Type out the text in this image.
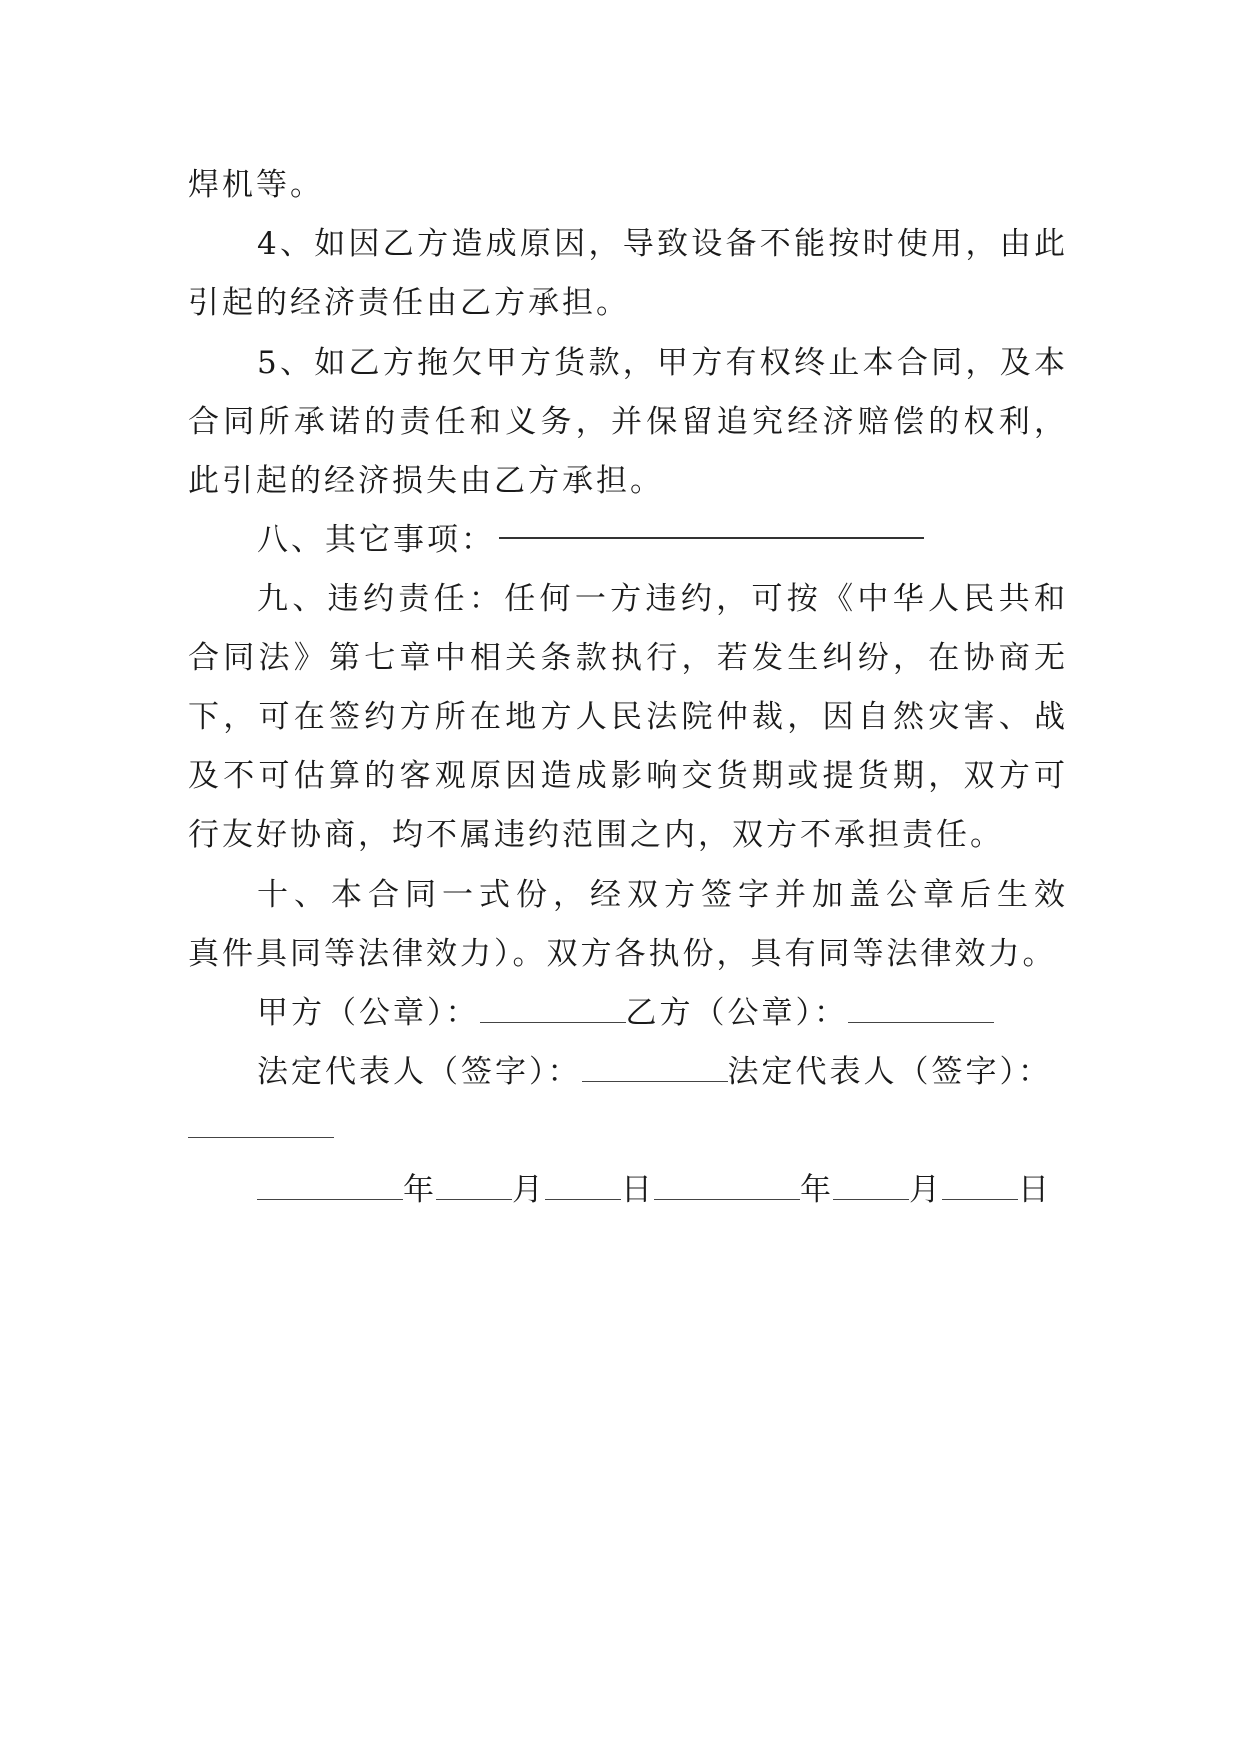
焊机等。
4、如因乙方造成原因，导致设备不能按时使用，由此
引起的经济责任由乙方承担。
5、如乙方拖欠甲方货款，甲方有权终止本合同，及本
合同所承诺的责任和义务，并保留追究经济赔偿的权利，
此引起的经济损失由乙方承担。
八、其它事项：
九、违约责任：任何一方违约，可按《中华人民共和
合同法》第七章中相关条款执行，若发生纠纷，在协商无
下，可在签约方所在地方人民法院仲裁，因自然灾害、战
及不可估算的客观原因造成影响交货期或提货期，双方可
行友好协商，均不属违约范围之内，双方不承担责任。
十、本合同一式份，经双方签字并加盖公章后生效
真件具同等法律效力）。双方各执份，具有同等法律效力。
甲方（公章）：	乙方（公章）：
法定代表人（签字）：	法定代表人（签字）：
年 月 日	年 月 日
